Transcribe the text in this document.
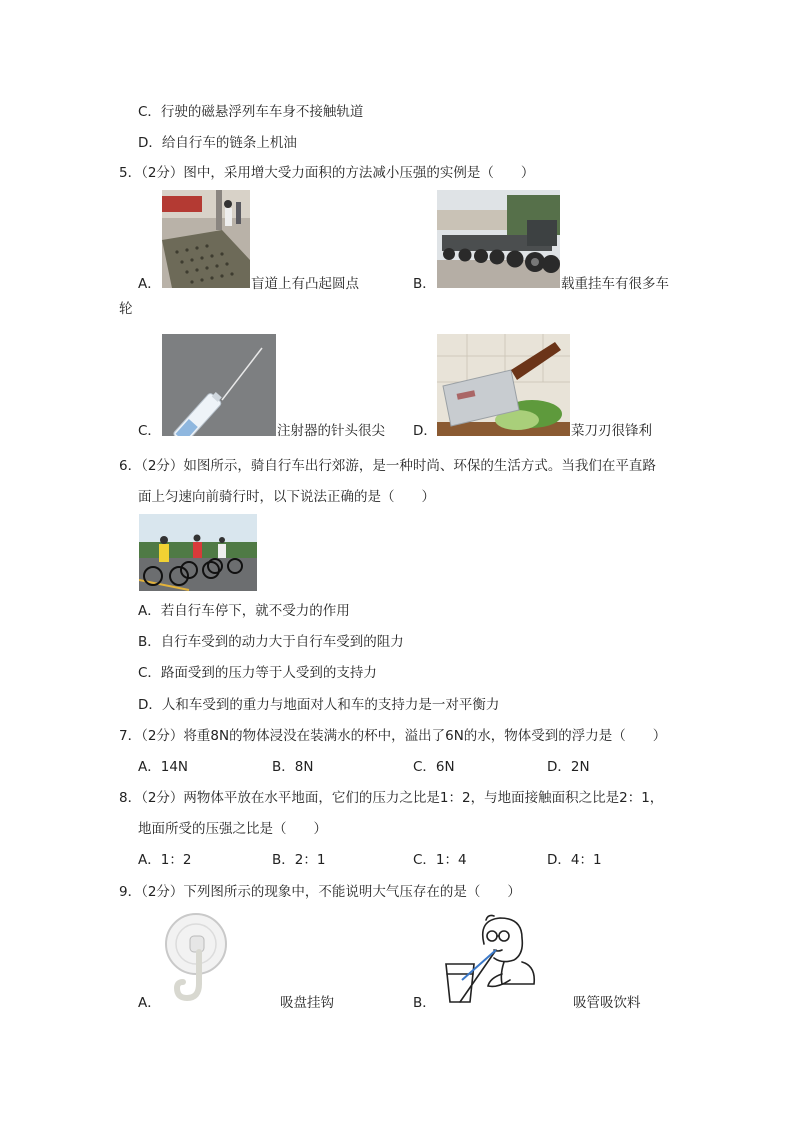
C．行驶的磁悬浮列车车身不接触轨道
D．给自行车的链条上机油
5．（2分）图中，采用增大受力面积的方法减小压强的实例是（　　）
A．	盲道上有凸起圆点	B．	载重挂车有很多车
轮
C．	注射器的针头很尖 D．	菜刀刃很锋利
6．（2分）如图所示，骑自行车出行郊游，是一种时尚、环保的生活方式。当我们在平直路
面上匀速向前骑行时，以下说法正确的是（　　）
A．若自行车停下，就不受力的作用
B．自行车受到的动力大于自行车受到的阻力
C．路面受到的压力等于人受到的支持力
D．人和车受到的重力与地面对人和车的支持力是一对平衡力
7．（2分）将重8N的物体浸没在装满水的杯中，溢出了6N的水，物体受到的浮力是（　　）
A．14N	B．8N	C．6N	D．2N
8．（2分）两物体平放在水平地面，它们的压力之比是1：2，与地面接触面积之比是2：1，
地面所受的压强之比是（　　）
A．1：2	B．2：1	C．1：4	D．4：1
9．（2分）下列图所示的现象中，不能说明大气压存在的是（　　）
A．	吸盘挂钩	B．	吸管吸饮料
